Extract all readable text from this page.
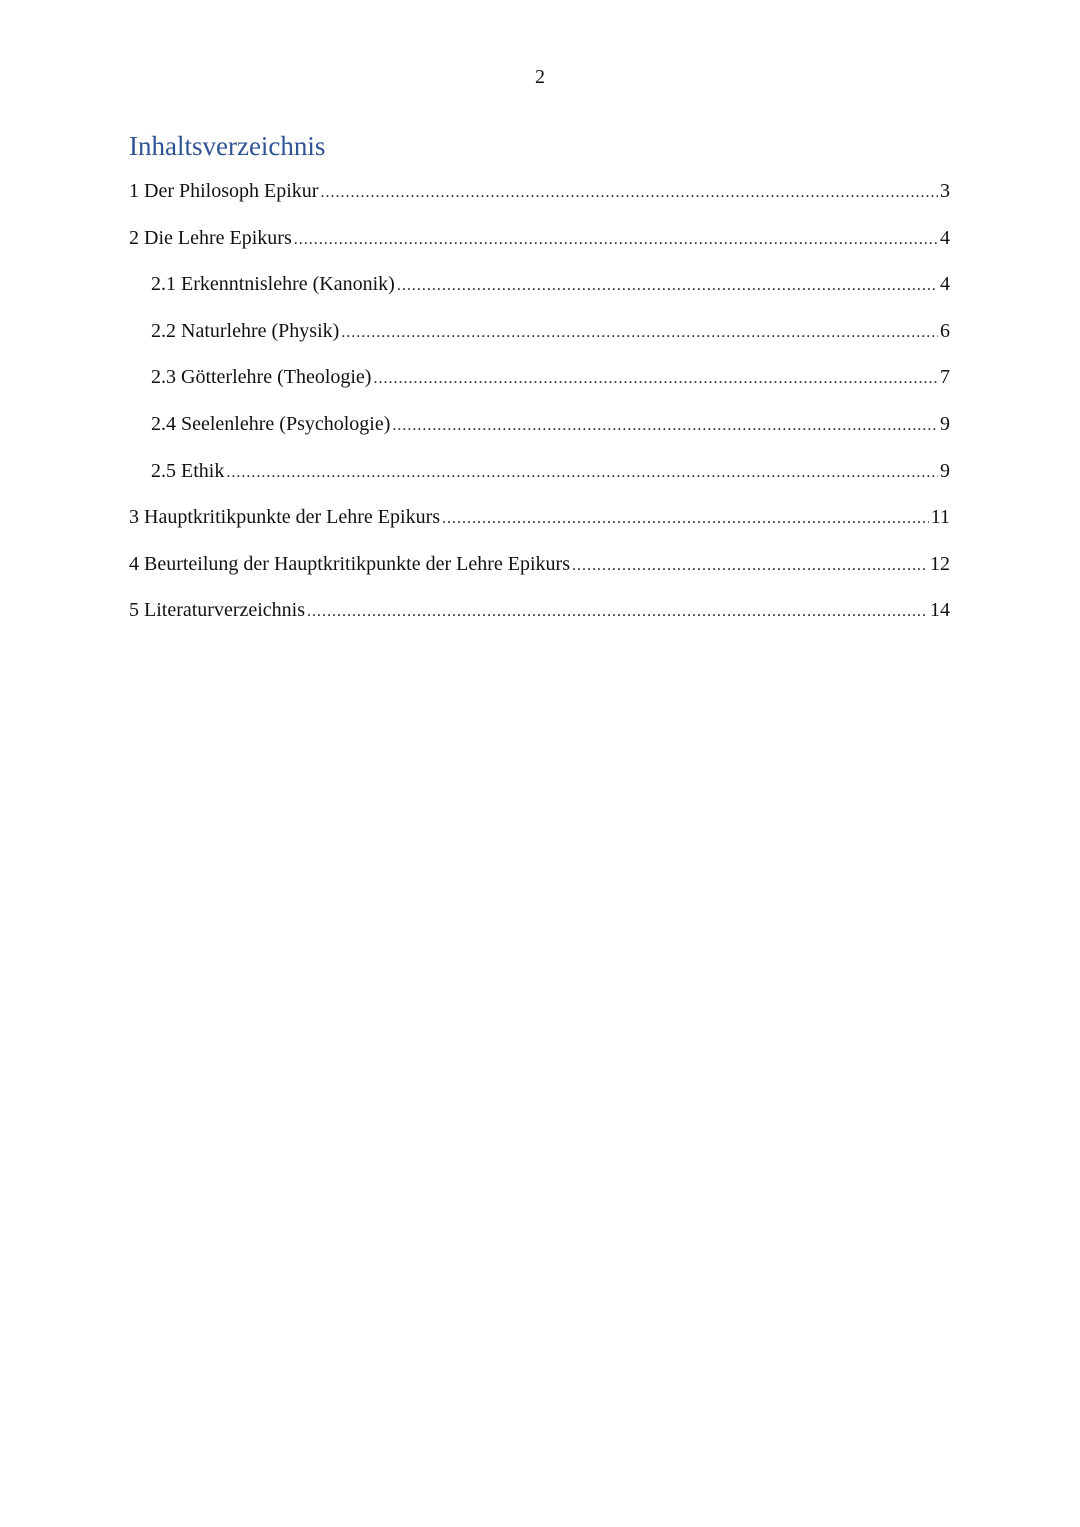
2
Inhaltsverzeichnis
1 Der Philosoph Epikur .....	3
2 Die Lehre Epikurs .....	4
2.1 Erkenntnislehre (Kanonik) .....	4
2.2 Naturlehre (Physik) .....	6
2.3 Götterlehre (Theologie) .....	7
2.4 Seelenlehre (Psychologie) .....	9
2.5 Ethik .....	9
3 Hauptkritikpunkte der Lehre Epikurs .....	11
4 Beurteilung der Hauptkritikpunkte der Lehre Epikurs .....	12
5 Literaturverzeichnis .....	14
